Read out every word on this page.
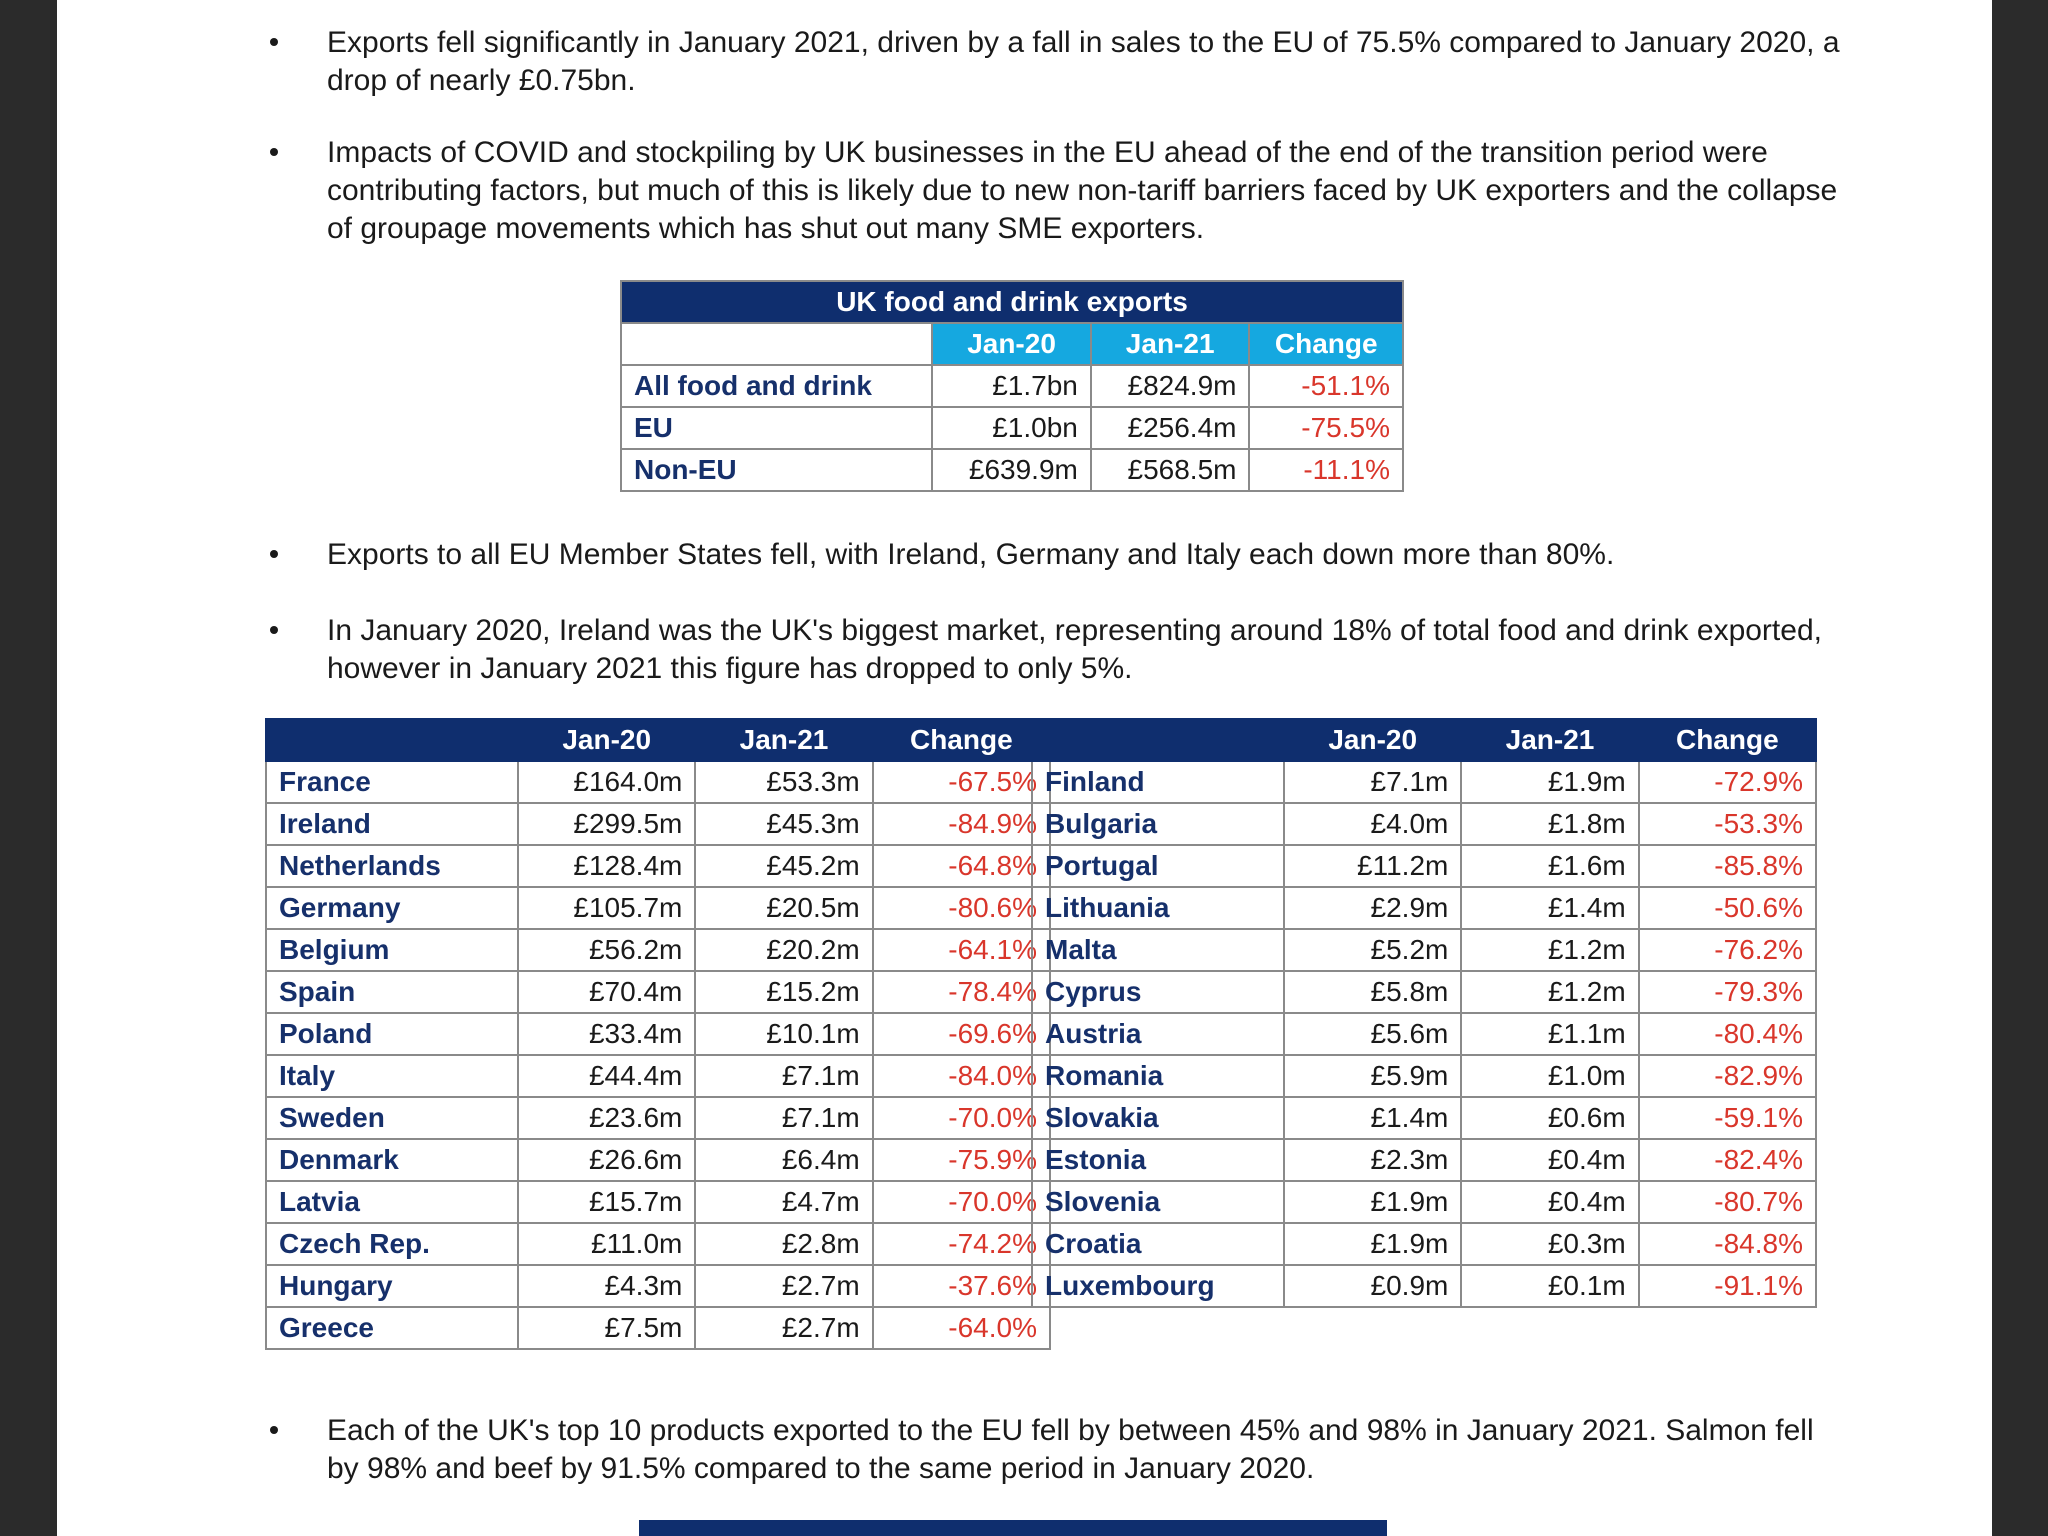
Exports fell significantly in January 2021, driven by a fall in sales to the EU of 75.5% compared to January 2020, a drop of nearly £0.75bn.

Impacts of COVID and stockpiling by UK businesses in the EU ahead of the end of the transition period were contributing factors, but much of this is likely due to new non-tariff barriers faced by UK exporters and the collapse of groupage movements which has shut out many SME exporters.

UK food and drink exports			
	Jan-20	Jan-21	Change
All food and drink	£1.7bn	£824.9m	-51.1%
EU	£1.0bn	£256.4m	-75.5%
Non-EU	£639.9m	£568.5m	-11.1%

Exports to all EU Member States fell, with Ireland, Germany and Italy each down more than 80%.

In January 2020, Ireland was the UK's biggest market, representing around 18% of total food and drink exported, however in January 2021 this figure has dropped to only 5%.

	Jan-20	Jan-21	Change
France	£164.0m	£53.3m	-67.5%
Ireland	£299.5m	£45.3m	-84.9%
Netherlands	£128.4m	£45.2m	-64.8%
Germany	£105.7m	£20.5m	-80.6%
Belgium	£56.2m	£20.2m	-64.1%
Spain	£70.4m	£15.2m	-78.4%
Poland	£33.4m	£10.1m	-69.6%
Italy	£44.4m	£7.1m	-84.0%
Sweden	£23.6m	£7.1m	-70.0%
Denmark	£26.6m	£6.4m	-75.9%
Latvia	£15.7m	£4.7m	-70.0%
Czech Rep.	£11.0m	£2.8m	-74.2%
Hungary	£4.3m	£2.7m	-37.6%
Greece	£7.5m	£2.7m	-64.0%
	Jan-20	Jan-21	Change
Finland	£7.1m	£1.9m	-72.9%
Bulgaria	£4.0m	£1.8m	-53.3%
Portugal	£11.2m	£1.6m	-85.8%
Lithuania	£2.9m	£1.4m	-50.6%
Malta	£5.2m	£1.2m	-76.2%
Cyprus	£5.8m	£1.2m	-79.3%
Austria	£5.6m	£1.1m	-80.4%
Romania	£5.9m	£1.0m	-82.9%
Slovakia	£1.4m	£0.6m	-59.1%
Estonia	£2.3m	£0.4m	-82.4%
Slovenia	£1.9m	£0.4m	-80.7%
Croatia	£1.9m	£0.3m	-84.8%
Luxembourg	£0.9m	£0.1m	-91.1%

Each of the UK's top 10 products exported to the EU fell by between 45% and 98% in January 2021. Salmon fell by 98% and beef by 91.5% compared to the same period in January 2020.
